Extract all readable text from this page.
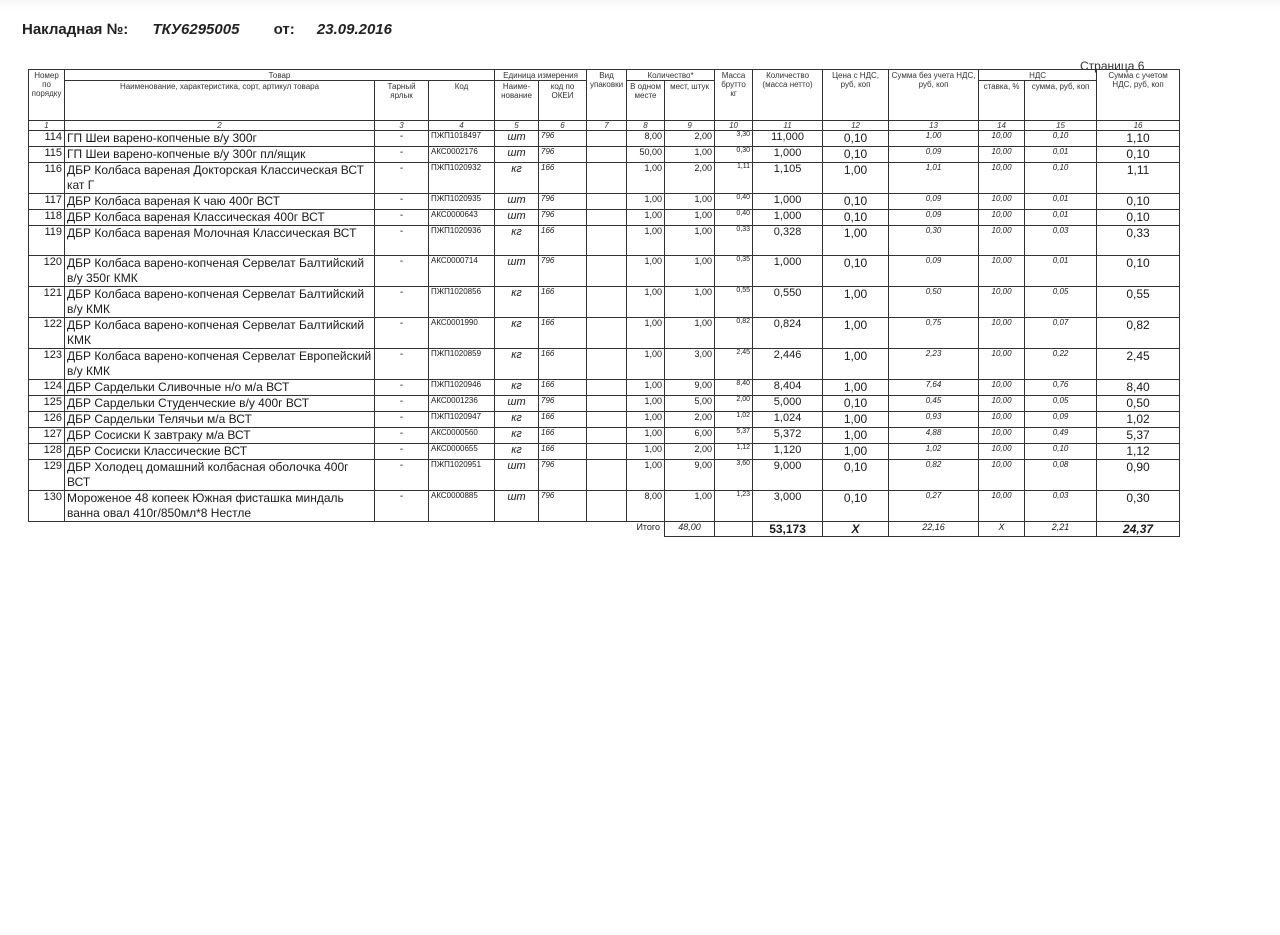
Накладная №: ТКУ6295005 от: 23.09.2016
Страница 6
Номер по порядку	Товар			Единица измерения		Вид упаковки	Количество*		Масса брутто кг	Количество (масса нетто)	Цена с НДС, руб, коп	Сумма без учета НДС, руб, коп	НДС		Сумма с учетом НДС, руб, коп
	Наименование, характеристика, сорт, артикул товара	Тарный ярлык	Код	Наиме-нование	код по ОКЕИ		В одном месте	мест, штук					ставка, %	сумма, руб, коп	
1	2	3	4	5	6	7	8	9	10	11	12	13	14	15	16
114	ГП Шеи варено-копченые в/у 300г	-	ПЖП1018497	шт	796		8,00	2,00	3,30	11,000	0,10	1,00	10,00	0,10	1,10
115	ГП Шеи варено-копченые в/у 300г пл/ящик	-	АКС0002176	шт	796		50,00	1,00	0,30	1,000	0,10	0,09	10,00	0,01	0,10
116	ДБР Колбаса вареная Докторская Классическая ВСТ кат Г	-	ПЖП1020932	кг	166		1,00	2,00	1,11	1,105	1,00	1,01	10,00	0,10	1,11
117	ДБР Колбаса вареная К чаю 400г ВСТ	-	ПЖП1020935	шт	796		1,00	1,00	0,40	1,000	0,10	0,09	10,00	0,01	0,10
118	ДБР Колбаса вареная Классическая 400г ВСТ	-	АКС0000643	шт	796		1,00	1,00	0,40	1,000	0,10	0,09	10,00	0,01	0,10
119	ДБР Колбаса вареная Молочная Классическая ВСТ	-	ПЖП1020936	кг	166		1,00	1,00	0,33	0,328	1,00	0,30	10,00	0,03	0,33
120	ДБР Колбаса варено-копченая Сервелат Балтийский в/у 350г КМК	-	АКС0000714	шт	796		1,00	1,00	0,35	1,000	0,10	0,09	10,00	0,01	0,10
121	ДБР Колбаса варено-копченая Сервелат Балтийский в/у КМК	-	ПЖП1020856	кг	166		1,00	1,00	0,55	0,550	1,00	0,50	10,00	0,05	0,55
122	ДБР Колбаса варено-копченая Сервелат Балтийский КМК	-	АКС0001990	кг	166		1,00	1,00	0,82	0,824	1,00	0,75	10,00	0,07	0,82
123	ДБР Колбаса варено-копченая Сервелат Европейский в/у КМК	-	ПЖП1020859	кг	166		1,00	3,00	2,45	2,446	1,00	2,23	10,00	0,22	2,45
124	ДБР Сардельки Сливочные н/о м/а ВСТ	-	ПЖП1020946	кг	166		1,00	9,00	8,40	8,404	1,00	7,64	10,00	0,76	8,40
125	ДБР Сардельки Студенческие в/у 400г ВСТ	-	АКС0001236	шт	796		1,00	5,00	2,00	5,000	0,10	0,45	10,00	0,05	0,50
126	ДБР Сардельки Телячьи м/а ВСТ	-	ПЖП1020947	кг	166		1,00	2,00	1,02	1,024	1,00	0,93	10,00	0,09	1,02
127	ДБР Сосиски К завтраку м/а ВСТ	-	АКС0000560	кг	166		1,00	6,00	5,37	5,372	1,00	4,88	10,00	0,49	5,37
128	ДБР Сосиски Классические ВСТ	-	АКС0000655	кг	166		1,00	2,00	1,12	1,120	1,00	1,02	10,00	0,10	1,12
129	ДБР Холодец домашний колбасная оболочка 400г ВСТ	-	ПЖП1020951	шт	796		1,00	9,00	3,60	9,000	0,10	0,82	10,00	0,08	0,90
130	Мороженое 48 копеек Южная фисташка миндаль ванна овал 410г/850мл*8 Нестле	-	АКС0000885	шт	796		8,00	1,00	1,23	3,000	0,10	0,27	10,00	0,03	0,30
							Итого	48,00		53,173	X	22,16	X	2,21	24,37
